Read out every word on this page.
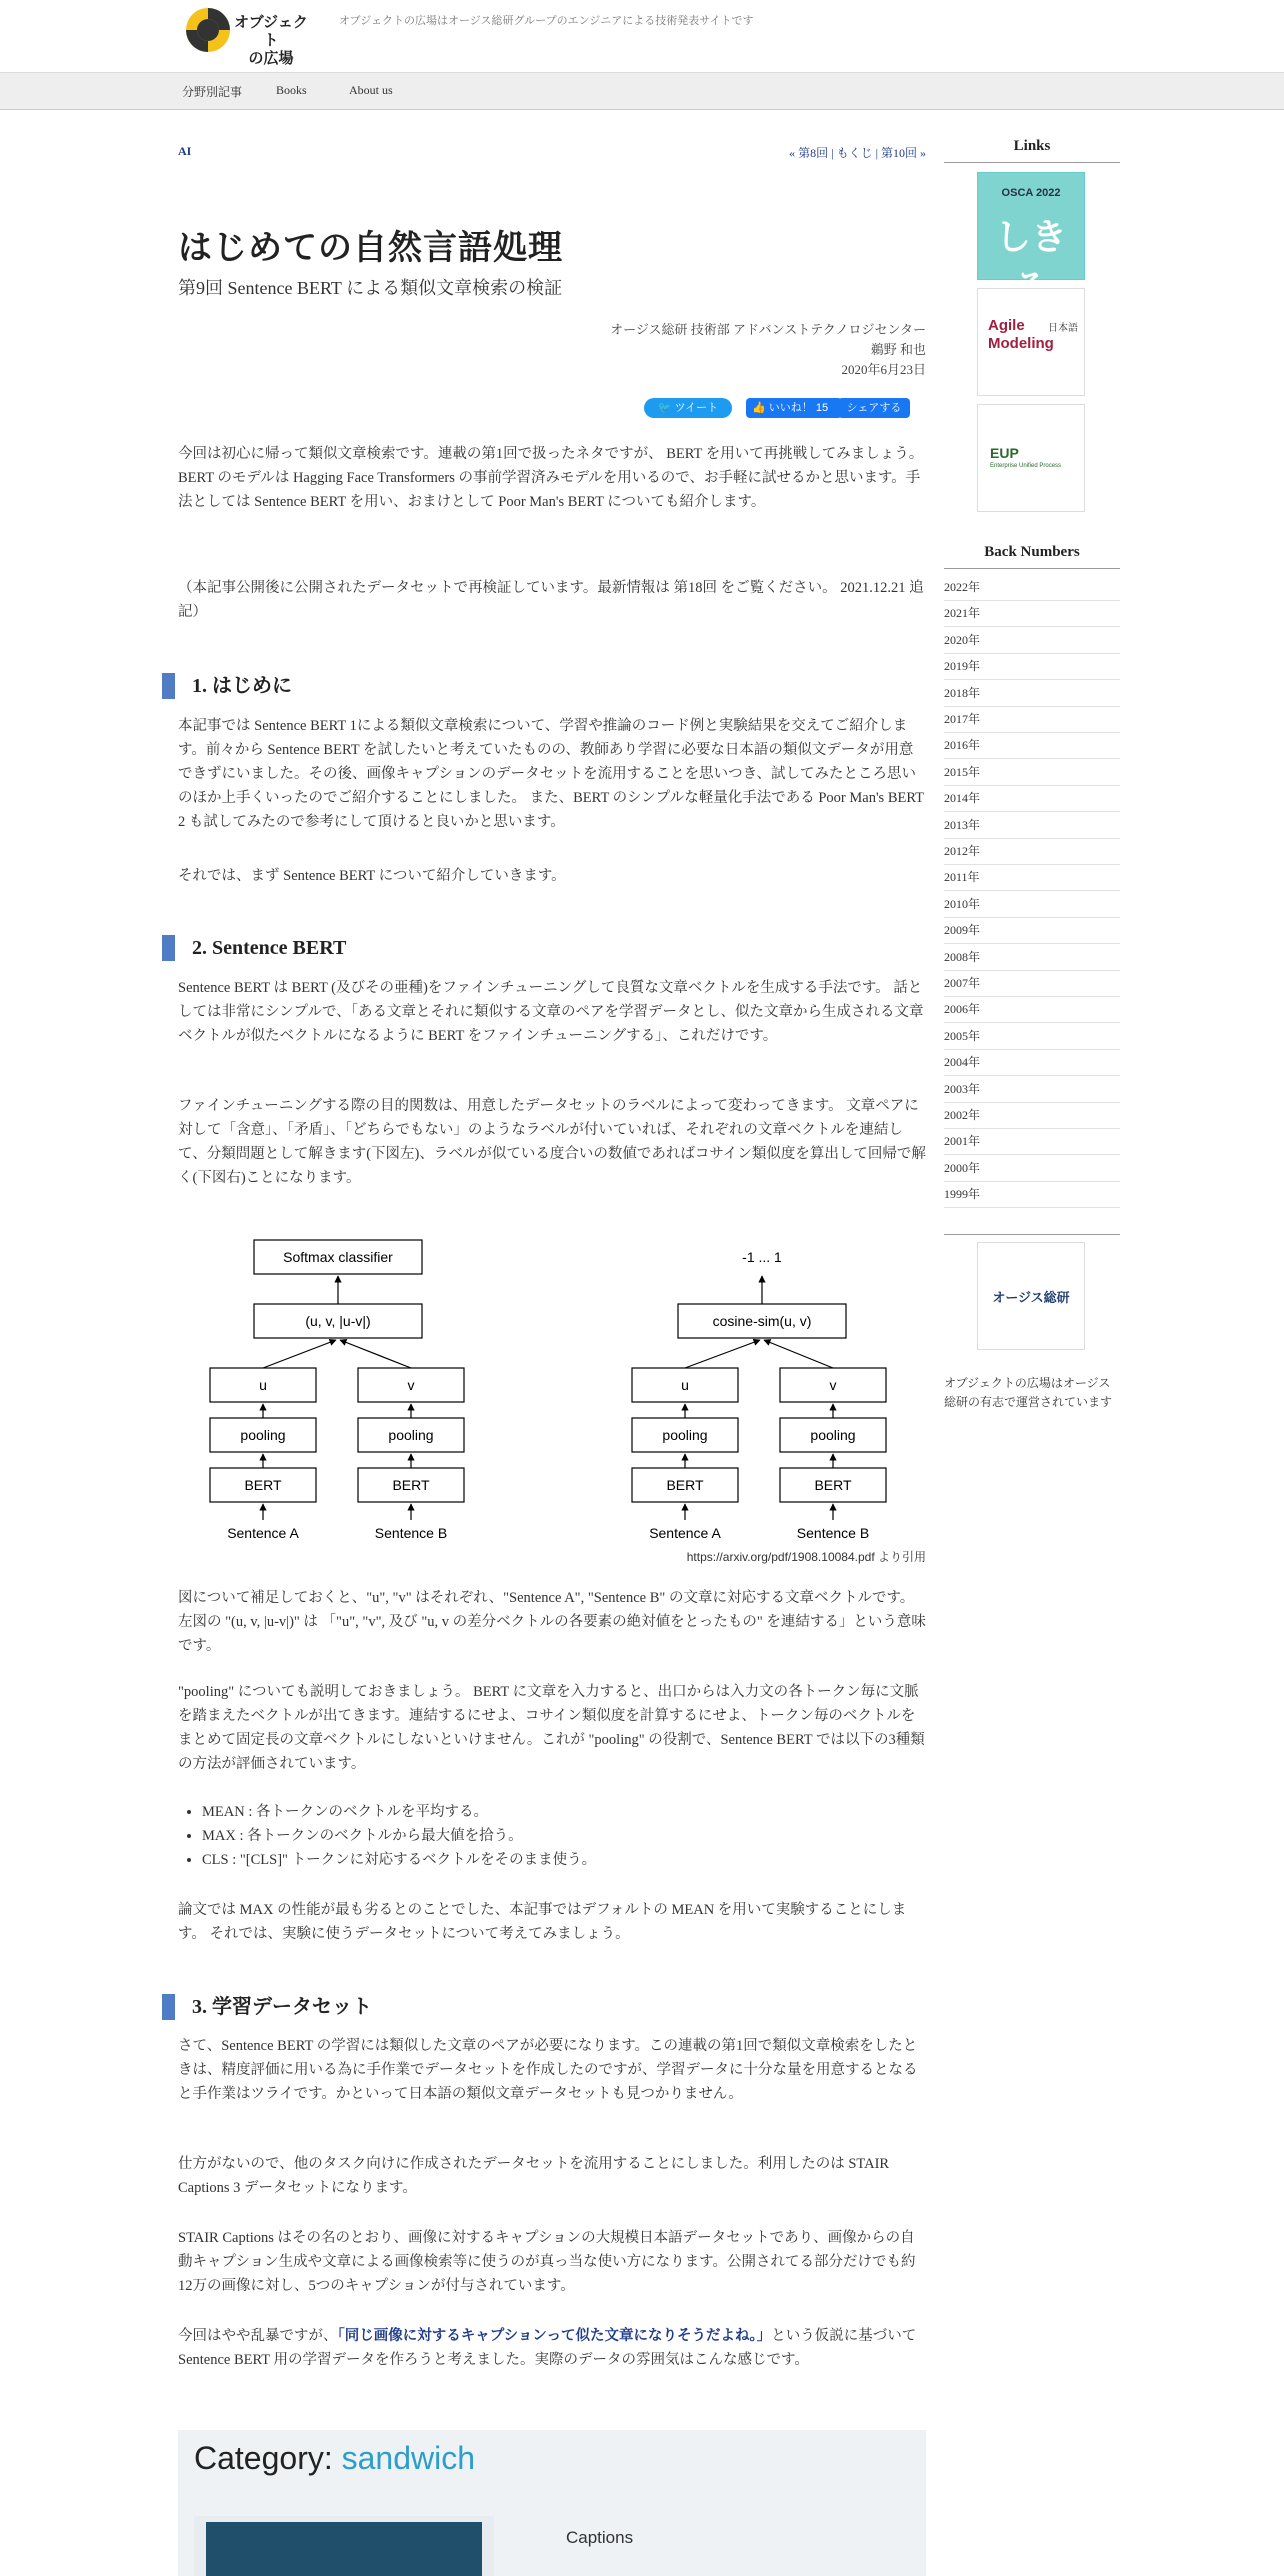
オブジェクト
の広場
オブジェクトの広場はオージス総研グループのエンジニアによる技術発表サイトです
分野別記事	Books	About us
AI	« 第8回 | もくじ | 第10回 »
はじめての自然言語処理
第9回 Sentence BERT による類似文章検索の検証
オージス総研 技術部 アドバンストテクノロジセンター
鵜野 和也
2020年6月23日
🐦 ツイート	👍 いいね！ 15	シェアする
今回は初心に帰って類似文章検索です。連載の第1回で扱ったネタですが、 BERT を用いて再挑戦してみましょう。BERT のモデルは Hagging Face Transformers の事前学習済みモデルを用いるので、お手軽に試せるかと思います。手法としては Sentence BERT を用い、おまけとして Poor Man's BERT についても紹介します。
（本記事公開後に公開されたデータセットで再検証しています。最新情報は 第18回 をご覧ください。 2021.12.21 追記）
1. はじめに
本記事では Sentence BERT 1による類似文章検索について、学習や推論のコード例と実験結果を交えてご紹介します。前々から Sentence BERT を試したいと考えていたものの、教師あり学習に必要な日本語の類似文データが用意できずにいました。その後、画像キャプションのデータセットを流用することを思いつき、試してみたところ思いのほか上手くいったのでご紹介することにしました。 また、BERT のシンプルな軽量化手法である Poor Man's BERT 2 も試してみたので参考にして頂けると良いかと思います。
それでは、まず Sentence BERT について紹介していきます。
2. Sentence BERT
Sentence BERT は BERT (及びその亜種)をファインチューニングして良質な文章ベクトルを生成する手法です。 話としては非常にシンプルで、「ある文章とそれに類似する文章のペアを学習データとし、似た文章から生成される文章ベクトルが似たベクトルになるように BERT をファインチューニングする」、これだけです。
ファインチューニングする際の目的関数は、用意したデータセットのラベルによって変わってきます。 文章ペアに対して「含意」、「矛盾」、「どちらでもない」のようなラベルが付いていれば、それぞれの文章ベクトルを連結して、分類問題として解きます(下図左)、ラベルが似ている度合いの数値であればコサイン類似度を算出して回帰で解く(下図右)ことになります。
Softmax classifier
(u, v, |u-v|)
u	v
pooling	pooling
BERT	BERT
Sentence A	Sentence B
-1 ... 1
cosine-sim(u, v)
u	v
pooling	pooling
BERT	BERT
Sentence A	Sentence B
https://arxiv.org/pdf/1908.10084.pdf より引用
図について補足しておくと、"u", "v" はそれぞれ、"Sentence A", "Sentence B" の文章に対応する文章ベクトルです。 左図の "(u, v, |u-v|)" は 「"u", "v", 及び "u, v の差分ベクトルの各要素の絶対値をとったもの" を連結する」という意味です。
"pooling" についても説明しておきましょう。 BERT に文章を入力すると、出口からは入力文の各トークン毎に文脈を踏まえたベクトルが出てきます。連結するにせよ、コサイン類似度を計算するにせよ、トークン毎のベクトルをまとめて固定長の文章ベクトルにしないといけません。これが "pooling" の役割で、Sentence BERT では以下の3種類の方法が評価されています。
• MEAN : 各トークンのベクトルを平均する。
• MAX : 各トークンのベクトルから最大値を拾う。
• CLS : "[CLS]" トークンに対応するベクトルをそのまま使う。
論文では MAX の性能が最も劣るとのことでした、本記事ではデフォルトの MEAN を用いて実験することにします。 それでは、実験に使うデータセットについて考えてみましょう。
3. 学習データセット
さて、Sentence BERT の学習には類似した文章のペアが必要になります。この連載の第1回で類似文章検索をしたときは、精度評価に用いる為に手作業でデータセットを作成したのですが、学習データに十分な量を用意するとなると手作業はツライです。かといって日本語の類似文章データセットも見つかりません。
仕方がないので、他のタスク向けに作成されたデータセットを流用することにしました。利用したのは STAIR Captions 3 データセットになります。
STAIR Captions はその名のとおり、画像に対するキャプションの大規模日本語データセットであり、画像からの自動キャプション生成や文章による画像検索等に使うのが真っ当な使い方になります。公開されてる部分だけでも約12万の画像に対し、5つのキャプションが付与されています。
今回はやや乱暴ですが、「同じ画像に対するキャプションって似た文章になりそうだよね。」という仮説に基づいて Sentence BERT 用の学習データを作ろうと考えました。実際のデータの雰囲気はこんな感じです。
Category: sandwich
Captions
Links
OSCA 2022
しき
Agile Modeling
日本語
EUP
Enterprise Unified Process
Back Numbers
2022年
2021年
2020年
2019年
2018年
2017年
2016年
2015年
2014年
2013年
2012年
2011年
2010年
2009年
2008年
2007年
2006年
2005年
2004年
2003年
2002年
2001年
2000年
1999年
オージス総研
オブジェクトの広場はオージス総研の有志で運営されています
